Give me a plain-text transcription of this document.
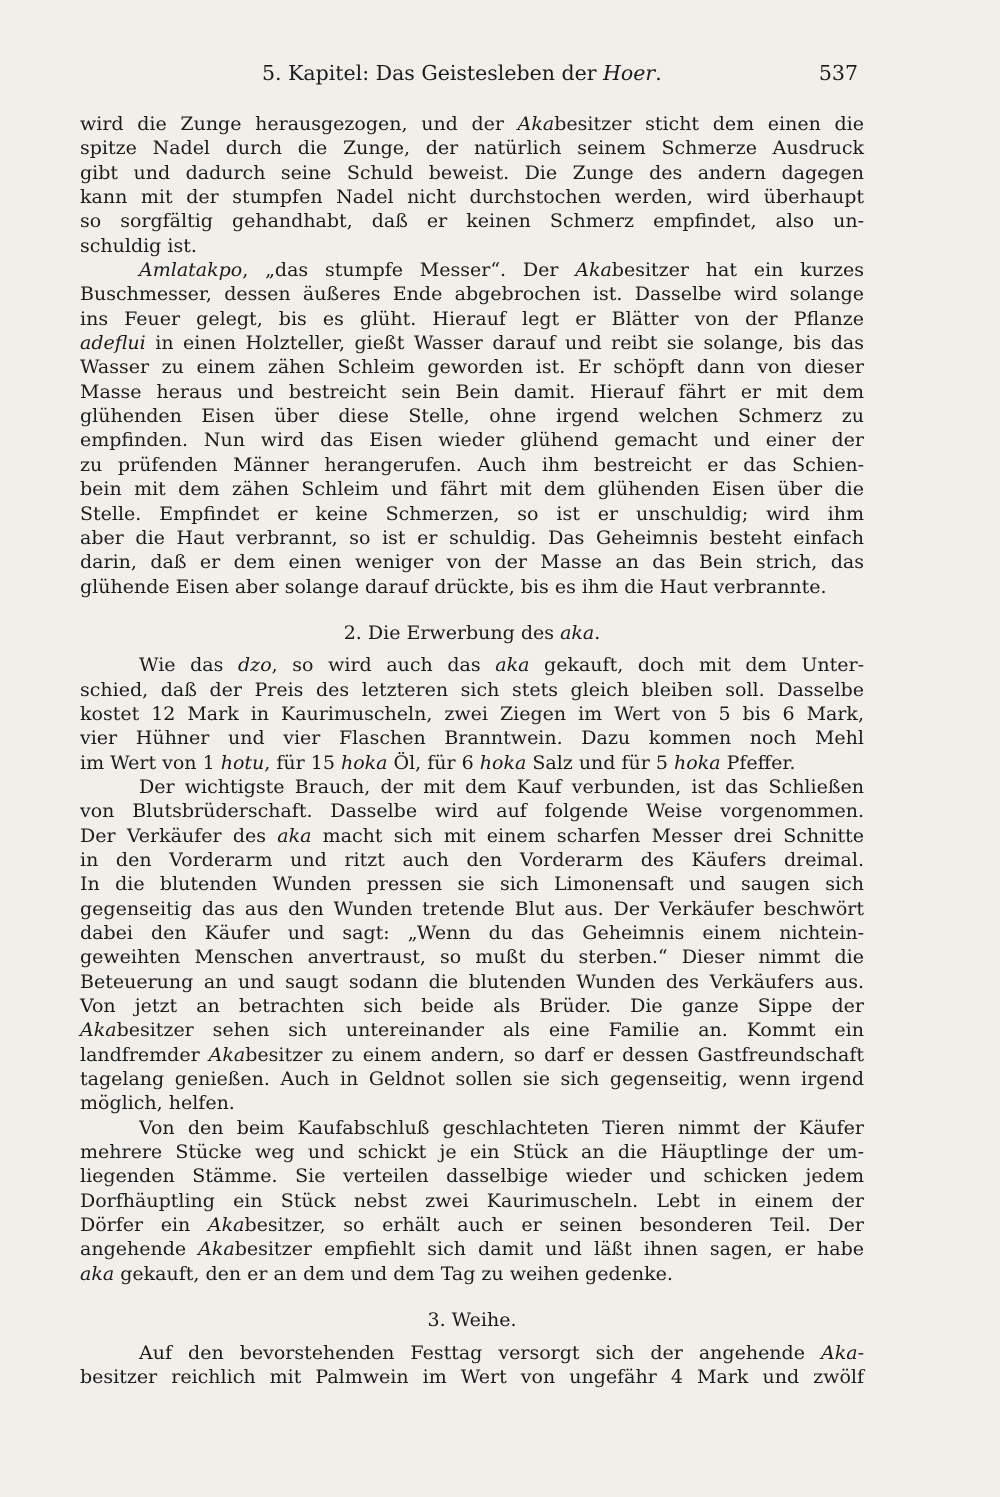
5. Kapitel: Das Geistesleben der Hoer.	537
wird die Zunge herausgezogen, und der Akabesitzer sticht dem einen die
spitze Nadel durch die Zunge, der natürlich seinem Schmerze Ausdruck
gibt und dadurch seine Schuld beweist. Die Zunge des andern dagegen
kann mit der stumpfen Nadel nicht durchstochen werden, wird überhaupt
so sorgfältig gehandhabt, daß er keinen Schmerz empfindet, also un-
schuldig ist.
Amlatakpo, „das stumpfe Messer“. Der Akabesitzer hat ein kurzes
Buschmesser, dessen äußeres Ende abgebrochen ist. Dasselbe wird solange
ins Feuer gelegt, bis es glüht. Hierauf legt er Blätter von der Pflanze
adeflui in einen Holzteller, gießt Wasser darauf und reibt sie solange, bis das
Wasser zu einem zähen Schleim geworden ist. Er schöpft dann von dieser
Masse heraus und bestreicht sein Bein damit. Hierauf fährt er mit dem
glühenden Eisen über diese Stelle, ohne irgend welchen Schmerz zu
empfinden. Nun wird das Eisen wieder glühend gemacht und einer der
zu prüfenden Männer herangerufen. Auch ihm bestreicht er das Schien-
bein mit dem zähen Schleim und fährt mit dem glühenden Eisen über die
Stelle. Empfindet er keine Schmerzen, so ist er unschuldig; wird ihm
aber die Haut verbrannt, so ist er schuldig. Das Geheimnis besteht einfach
darin, daß er dem einen weniger von der Masse an das Bein strich, das
glühende Eisen aber solange darauf drückte, bis es ihm die Haut verbrannte.
2. Die Erwerbung des aka.
Wie das dzo, so wird auch das aka gekauft, doch mit dem Unter-
schied, daß der Preis des letzteren sich stets gleich bleiben soll. Dasselbe
kostet 12 Mark in Kaurimuscheln, zwei Ziegen im Wert von 5 bis 6 Mark,
vier Hühner und vier Flaschen Branntwein. Dazu kommen noch Mehl
im Wert von 1 hotu, für 15 hoka Öl, für 6 hoka Salz und für 5 hoka Pfeffer.
Der wichtigste Brauch, der mit dem Kauf verbunden, ist das Schließen
von Blutsbrüderschaft. Dasselbe wird auf folgende Weise vorgenommen.
Der Verkäufer des aka macht sich mit einem scharfen Messer drei Schnitte
in den Vorderarm und ritzt auch den Vorderarm des Käufers dreimal.
In die blutenden Wunden pressen sie sich Limonensaft und saugen sich
gegenseitig das aus den Wunden tretende Blut aus. Der Verkäufer beschwört
dabei den Käufer und sagt: „Wenn du das Geheimnis einem nichtein-
geweihten Menschen anvertraust, so mußt du sterben.“ Dieser nimmt die
Beteuerung an und saugt sodann die blutenden Wunden des Verkäufers aus.
Von jetzt an betrachten sich beide als Brüder. Die ganze Sippe der
Akabesitzer sehen sich untereinander als eine Familie an. Kommt ein
landfremder Akabesitzer zu einem andern, so darf er dessen Gastfreundschaft
tagelang genießen. Auch in Geldnot sollen sie sich gegenseitig, wenn irgend
möglich, helfen.
Von den beim Kaufabschluß geschlachteten Tieren nimmt der Käufer
mehrere Stücke weg und schickt je ein Stück an die Häuptlinge der um-
liegenden Stämme. Sie verteilen dasselbige wieder und schicken jedem
Dorfhäuptling ein Stück nebst zwei Kaurimuscheln. Lebt in einem der
Dörfer ein Akabesitzer, so erhält auch er seinen besonderen Teil. Der
angehende Akabesitzer empfiehlt sich damit und läßt ihnen sagen, er habe
aka gekauft, den er an dem und dem Tag zu weihen gedenke.
3. Weihe.
Auf den bevorstehenden Festtag versorgt sich der angehende Aka-
besitzer reichlich mit Palmwein im Wert von ungefähr 4 Mark und zwölf
